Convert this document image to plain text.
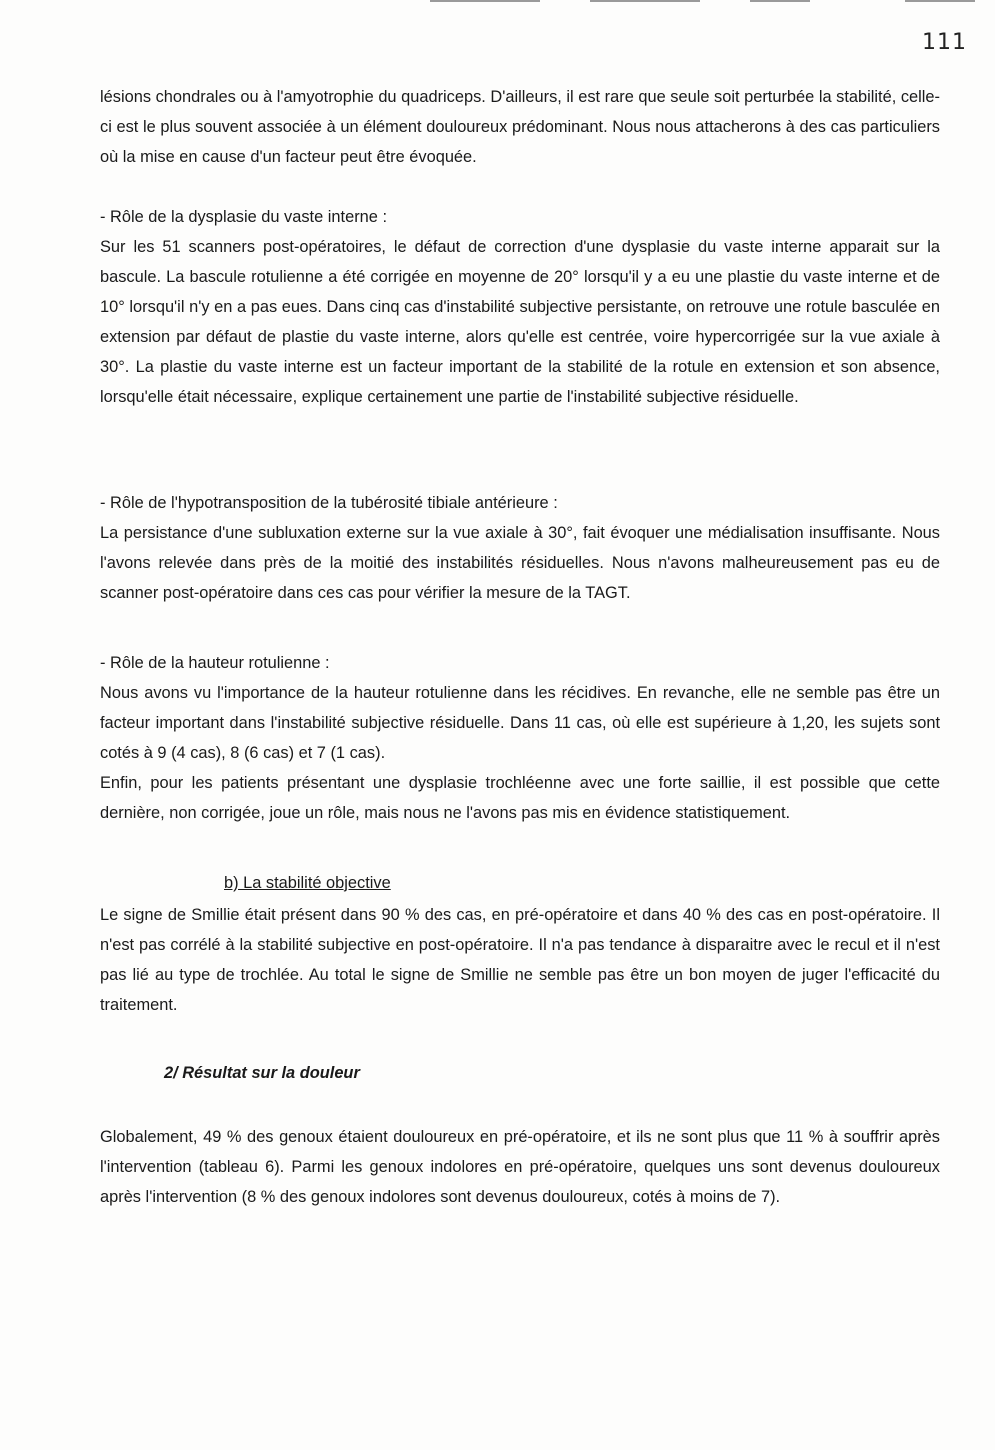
111

lésions chondrales ou à l'amyotrophie du quadriceps. D'ailleurs, il est rare que seule soit perturbée la stabilité, celle-ci est le plus souvent associée à un élément douloureux prédominant. Nous nous attacherons à des cas particuliers où la mise en cause d'un facteur peut être évoquée.

- Rôle de la dysplasie du vaste interne :

Sur les 51 scanners post-opératoires, le défaut de correction d'une dysplasie du vaste interne apparait sur la bascule. La bascule rotulienne a été corrigée en moyenne de 20° lorsqu'il y a eu une plastie du vaste interne et de 10° lorsqu'il n'y en a pas eues. Dans cinq cas d'instabilité subjective persistante, on retrouve une rotule basculée en extension par défaut de plastie du vaste interne, alors qu'elle est centrée, voire hypercorrigée sur la vue axiale à 30°. La plastie du vaste interne est un facteur important de la stabilité de la rotule en extension et son absence, lorsqu'elle était nécessaire, explique certainement une partie de l'instabilité subjective résiduelle.

- Rôle de l'hypotransposition de la tubérosité tibiale antérieure :

La persistance d'une subluxation externe sur la vue axiale à 30°, fait évoquer une médialisation insuffisante. Nous l'avons relevée dans près de la moitié des instabilités résiduelles. Nous n'avons malheureusement pas eu de scanner post-opératoire dans ces cas pour vérifier la mesure de la TAGT.

- Rôle de la hauteur rotulienne :

Nous avons vu l'importance de la hauteur rotulienne dans les récidives. En revanche, elle ne semble pas être un facteur important dans l'instabilité subjective résiduelle. Dans 11 cas, où elle est supérieure à 1,20, les sujets sont cotés à 9 (4 cas), 8 (6 cas) et 7 (1 cas).

Enfin, pour les patients présentant une dysplasie trochléenne avec une forte saillie, il est possible que cette dernière, non corrigée, joue un rôle, mais nous ne l'avons pas mis en évidence statistiquement.

b) La stabilité objective

Le signe de Smillie était présent dans 90 % des cas, en pré-opératoire et dans 40 % des cas en post-opératoire. Il n'est pas corrélé à la stabilité subjective en post-opératoire. Il n'a pas tendance à disparaitre avec le recul et il n'est pas lié au type de trochlée. Au total le signe de Smillie ne semble pas être un bon moyen de juger l'efficacité du traitement.

2/ Résultat sur la douleur

Globalement, 49 % des genoux étaient douloureux en pré-opératoire, et ils ne sont plus que 11 % à souffrir après l'intervention (tableau 6). Parmi les genoux indolores en pré-opératoire, quelques uns sont devenus douloureux après l'intervention (8 % des genoux indolores sont devenus douloureux, cotés à moins de 7).
